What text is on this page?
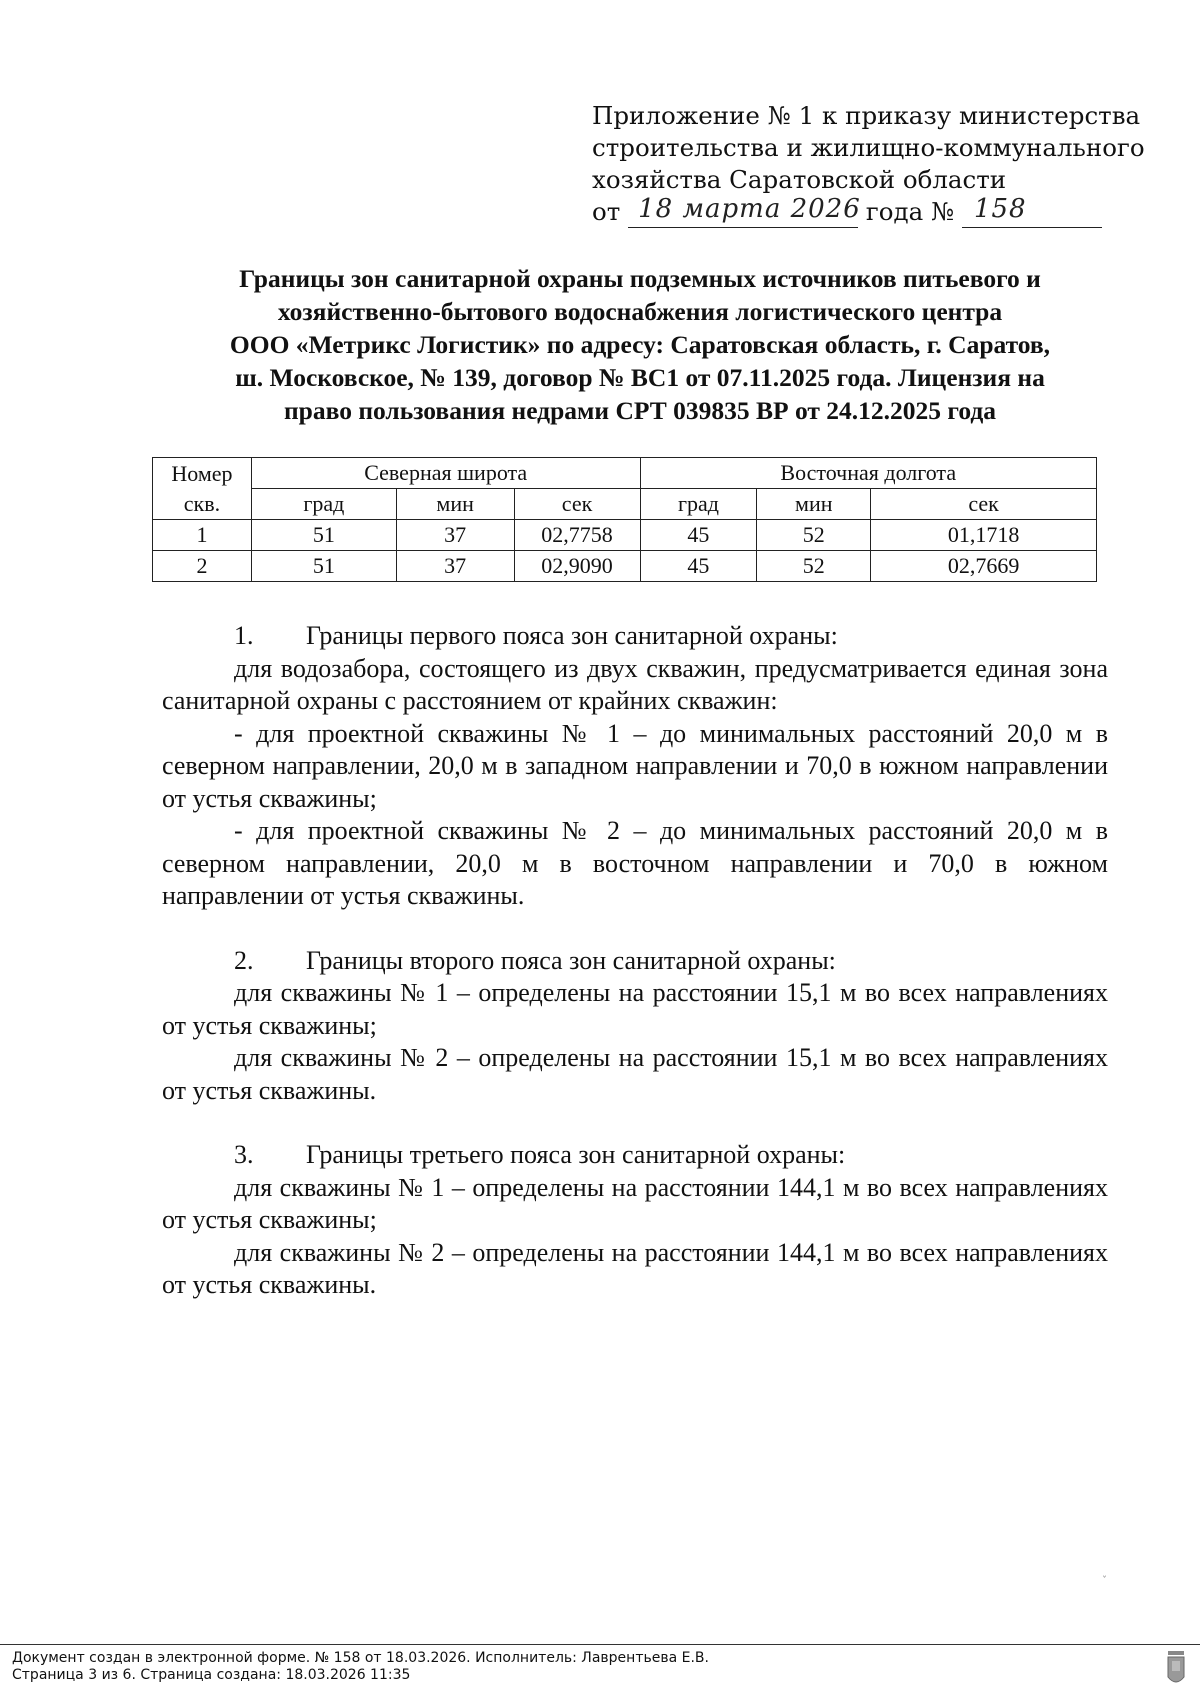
Приложение № 1 к приказу министерства
строительства и жилищно-коммунального
хозяйства Саратовской области
от 18 марта 2026 года № 158
Границы зон санитарной охраны подземных источников питьевого и
хозяйственно-бытового водоснабжения логистического центра
ООО «Метрикс Логистик» по адресу: Саратовская область, г. Саратов,
ш. Московское, № 139, договор № ВС1 от 07.11.2025 года. Лицензия на
право пользования недрами СРТ 039835 ВР от 24.12.2025 года
Номер
скв.	Северная широта			Восточная долгота		
	град	мин	сек	град	мин	сек
1	51	37	02,7758	45	52	01,1718
2	51	37	02,9090	45	52	02,7669

1. Границы первого пояса зон санитарной охраны:

для водозабора, состоящего из двух скважин, предусматривается единая зона санитарной охраны с расстоянием от крайних скважин:

- для проектной скважины № 1 – до минимальных расстояний 20,0 м в северном направлении, 20,0 м в западном направлении и 70,0 в южном направлении от устья скважины;

- для проектной скважины № 2 – до минимальных расстояний 20,0 м в северном направлении, 20,0 м в восточном направлении и 70,0 в южном направлении от устья скважины.

2. Границы второго пояса зон санитарной охраны:

для скважины № 1 – определены на расстоянии 15,1 м во всех направлениях от устья скважины;

для скважины № 2 – определены на расстоянии 15,1 м во всех направлениях от устья скважины.

3. Границы третьего пояса зон санитарной охраны:

для скважины № 1 – определены на расстоянии 144,1 м во всех направлениях от устья скважины;

для скважины № 2 – определены на расстоянии 144,1 м во всех направлениях от устья скважины.

ˇ
Документ создан в электронной форме. № 158 от 18.03.2026. Исполнитель: Лаврентьева Е.В.
Страница 3 из 6. Страница создана: 18.03.2026 11:35
